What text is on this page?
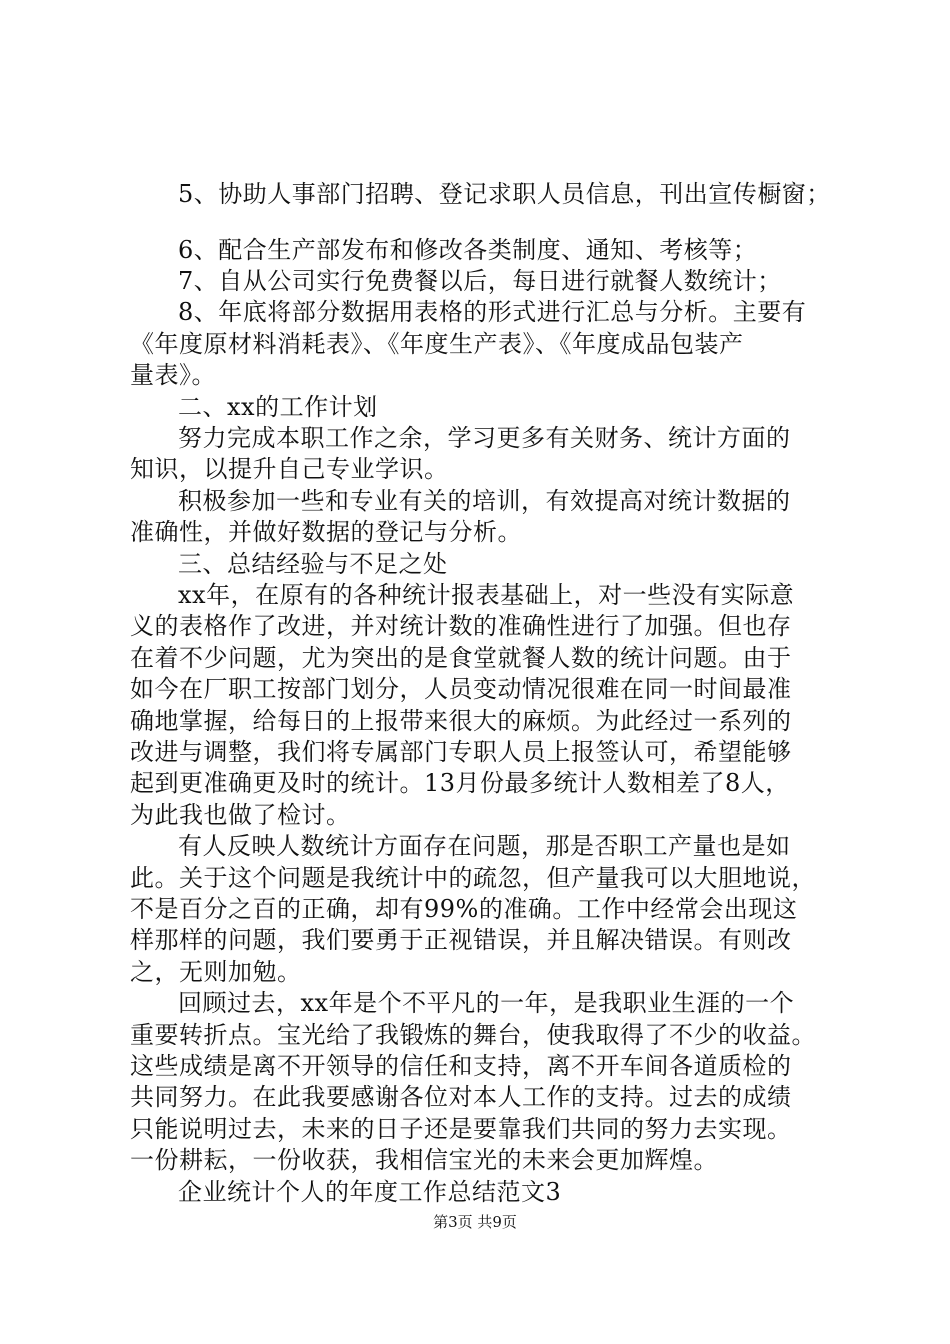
5、协助人事部门招聘、登记求职人员信息，刊出宣传橱窗；
6、配合生产部发布和修改各类制度、通知、考核等；
7、自从公司实行免费餐以后，每日进行就餐人数统计；
8、年底将部分数据用表格的形式进行汇总与分析。主要有
《年度原材料消耗表》、《年度生产表》、《年度成品包装产
量表》。
二、xx的工作计划
努力完成本职工作之余，学习更多有关财务、统计方面的
知识，以提升自己专业学识。
积极参加一些和专业有关的培训，有效提高对统计数据的
准确性，并做好数据的登记与分析。
三、总结经验与不足之处
xx年，在原有的各种统计报表基础上，对一些没有实际意
义的表格作了改进，并对统计数的准确性进行了加强。但也存
在着不少问题，尤为突出的是食堂就餐人数的统计问题。由于
如今在厂职工按部门划分，人员变动情况很难在同一时间最准
确地掌握，给每日的上报带来很大的麻烦。为此经过一系列的
改进与调整，我们将专属部门专职人员上报签认可，希望能够
起到更准确更及时的统计。13月份最多统计人数相差了8人，
为此我也做了检讨。
有人反映人数统计方面存在问题，那是否职工产量也是如
此。关于这个问题是我统计中的疏忽，但产量我可以大胆地说，
不是百分之百的正确，却有99%的准确。工作中经常会出现这
样那样的问题，我们要勇于正视错误，并且解决错误。有则改
之，无则加勉。
回顾过去，xx年是个不平凡的一年，是我职业生涯的一个
重要转折点。宝光给了我锻炼的舞台，使我取得了不少的收益。
这些成绩是离不开领导的信任和支持，离不开车间各道质检的
共同努力。在此我要感谢各位对本人工作的支持。过去的成绩
只能说明过去，未来的日子还是要靠我们共同的努力去实现。
一份耕耘，一份收获，我相信宝光的未来会更加辉煌。
企业统计个人的年度工作总结范文3
第3页 共9页
